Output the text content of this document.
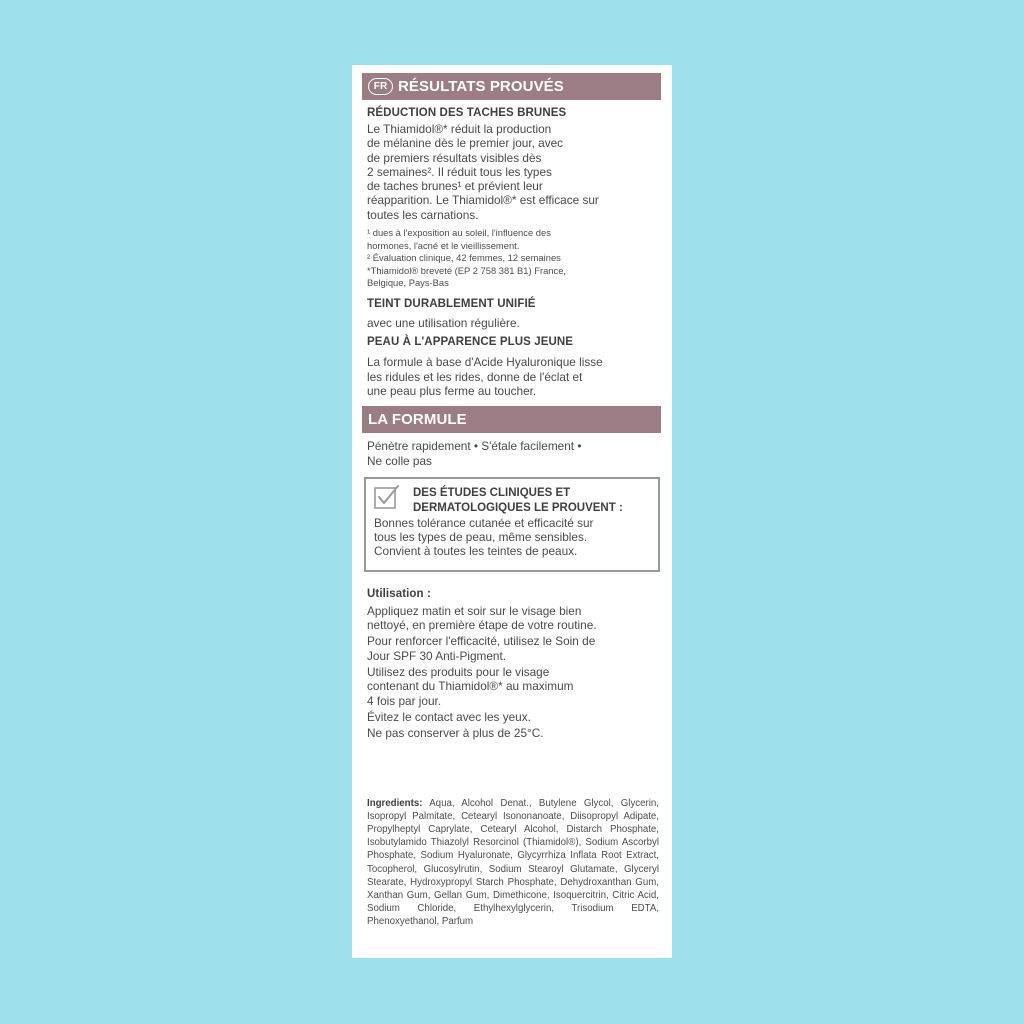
FR RÉSULTATS PROUVÉS
RÉDUCTION DES TACHES BRUNES
Le Thiamidol®* réduit la production
de mélanine dès le premier jour, avec
de premiers résultats visibles dès
2 semaines². Il réduit tous les types
de taches brunes¹ et prévient leur
réapparition. Le Thiamidol®* est efficace sur
toutes les carnations.
¹ dues à l'exposition au soleil, l'influence des
hormones, l'acné et le vieillissement.
² Évaluation clinique, 42 femmes, 12 semaines
*Thiamidol® breveté (EP 2 758 381 B1) France,
Belgique, Pays-Bas
TEINT DURABLEMENT UNIFIÉ
avec une utilisation régulière.
PEAU À L'APPARENCE PLUS JEUNE
La formule à base d'Acide Hyaluronique lisse
les ridules et les rides, donne de l'éclat et
une peau plus ferme au toucher.
LA FORMULE
Pénètre rapidement • S'étale facilement •
Ne colle pas
DES ÉTUDES CLINIQUES ET
DERMATOLOGIQUES LE PROUVENT :
Bonnes tolérance cutanée et efficacité sur
tous les types de peau, même sensibles.
Convient à toutes les teintes de peaux.
Utilisation :
Appliquez matin et soir sur le visage bien
nettoyé, en première étape de votre routine.
Pour renforcer l'efficacité, utilisez le Soin de
Jour SPF 30 Anti-Pigment.
Utilisez des produits pour le visage
contenant du Thiamidol®* au maximum
4 fois par jour.
Évitez le contact avec les yeux.
Ne pas conserver à plus de 25°C.
Ingredients: Aqua, Alcohol Denat., Butylene Glycol, Glycerin, Isopropyl Palmitate, Cetearyl Isononanoate, Diisopropyl Adipate, Propylheptyl Caprylate, Cetearyl Alcohol, Distarch Phosphate, Isobutylamido Thiazolyl Resorcinol (Thiamidol®), Sodium Ascorbyl Phosphate, Sodium Hyaluronate, Glycyrrhiza Inflata Root Extract, Tocopherol, Glucosylrutin, Sodium Stearoyl Glutamate, Glyceryl Stearate, Hydroxypropyl Starch Phosphate, Dehydroxanthan Gum, Xanthan Gum, Gellan Gum, Dimethicone, Isoquercitrin, Citric Acid, Sodium Chloride, Ethylhexylglycerin, Trisodium EDTA, Phenoxyethanol, Parfum
